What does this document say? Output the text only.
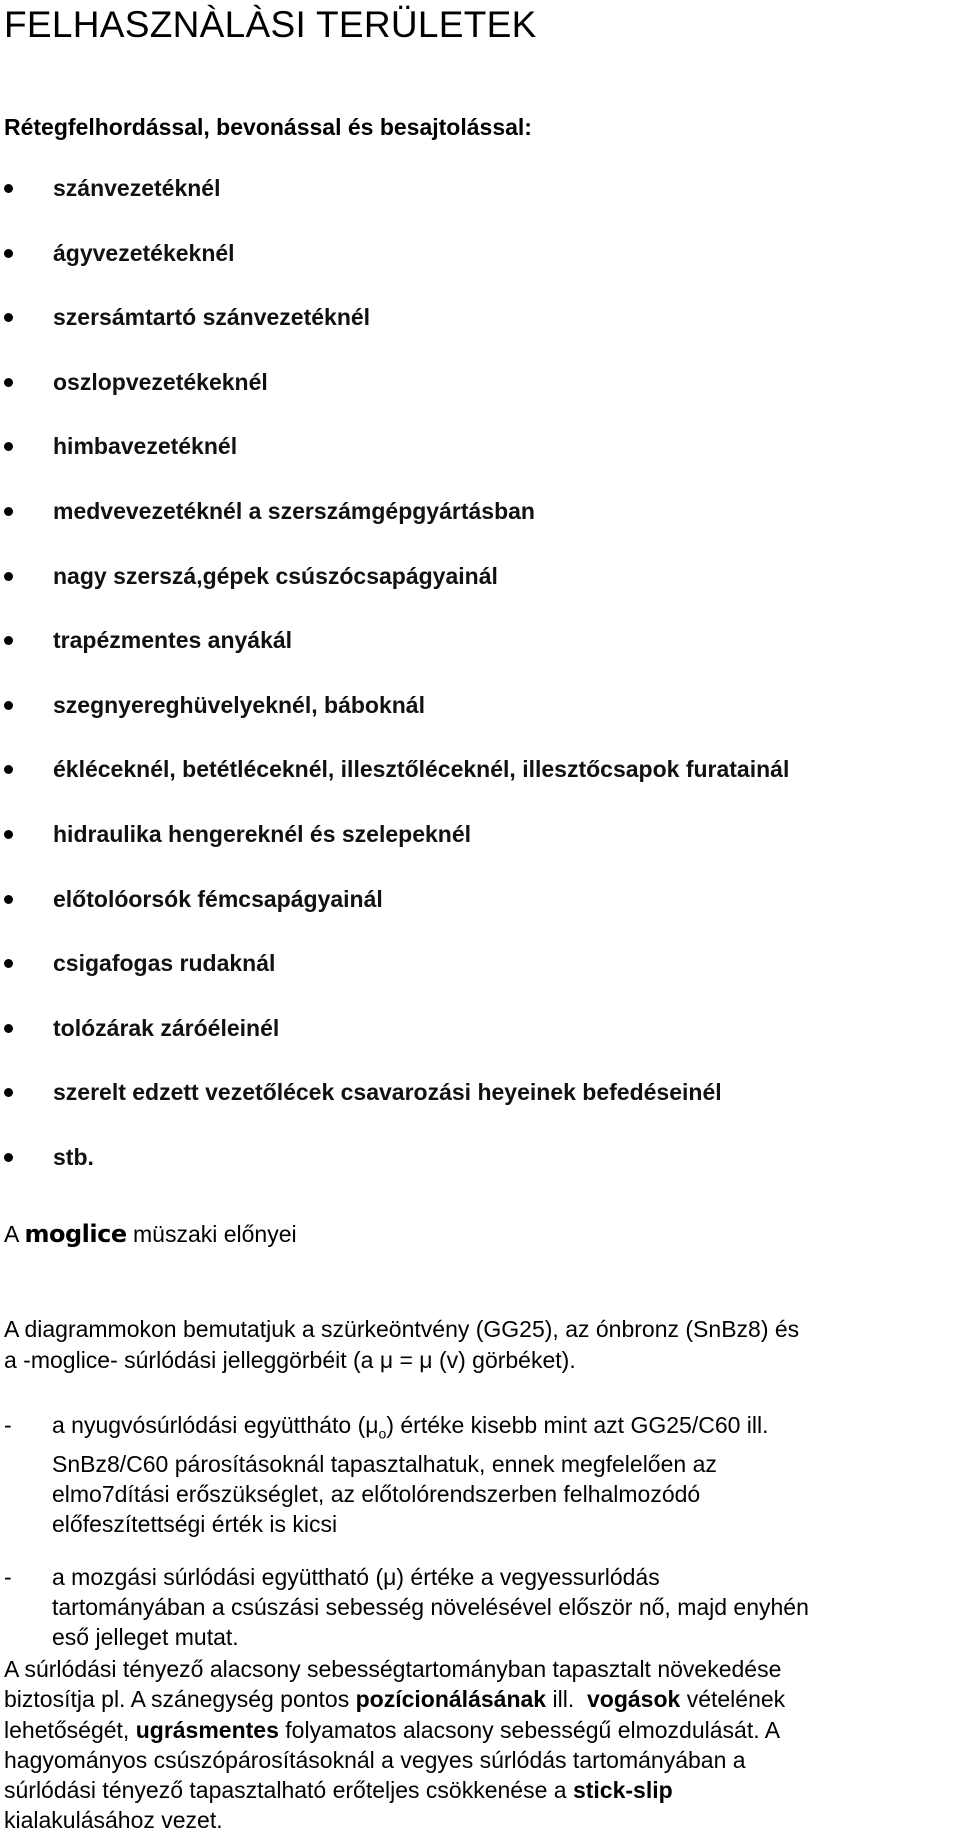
FELHASZNÀLÀSI TERÜLETEK
Rétegfelhordással, bevonással és besajtolással:
szánvezetéknél
ágyvezetékeknél
szersámtartó szánvezetéknél
oszlopvezetékeknél
himbavezetéknél
medvevezetéknél a szerszámgépgyártásban
nagy szerszá,gépek csúszócsapágyainál
trapézmentes anyákál
szegnyereghüvelyeknél, báboknál
ékléceknél, betétléceknél, illesztőléceknél, illesztőcsapok furatainál
hidraulika hengereknél és szelepeknél
előtolóorsók fémcsapágyainál
csigafogas rudaknál
tolózárak záróéleinél
szerelt edzett vezetőlécek csavarozási heyeinek befedéseinél
stb.

A moglice müszaki előnyei

A diagrammokon bemutatjuk a szürkeöntvény (GG25), az ónbronz (SnBz8) és
a -moglice- súrlódási jelleggörbéit (a μ = μ (v) görbéket).

- a nyugvósúrlódási együttháto $(\mu_o)$ értéke kisebb mint azt GG25/C60 ill.
SnBz8/C60 párosításoknál tapasztalhatuk, ennek megfelelően az
elmo7dítási erőszükséglet, az előtolórendszerben felhalmozódó
előfeszítettségi érték is kicsi
- a mozgási súrlódási együttható (μ) értéke a vegyessurlódás
tartományában a csúszási sebesség növelésével először nő, majd enyhén
eső jelleget mutat.

A súrlódási tényező alacsony sebességtartományban tapasztalt növekedése
biztosítja pl. A szánegység pontos pozícionálásának ill.  vogások vételének
lehetőségét, ugrásmentes folyamatos alacsony sebességű elmozdulását. A
hagyományos csúszópárosításoknál a vegyes súrlódás tartományában a
súrlódási tényező tapasztalható erőteljes csökkenése a stick-slip
kialakulásához vezet.
